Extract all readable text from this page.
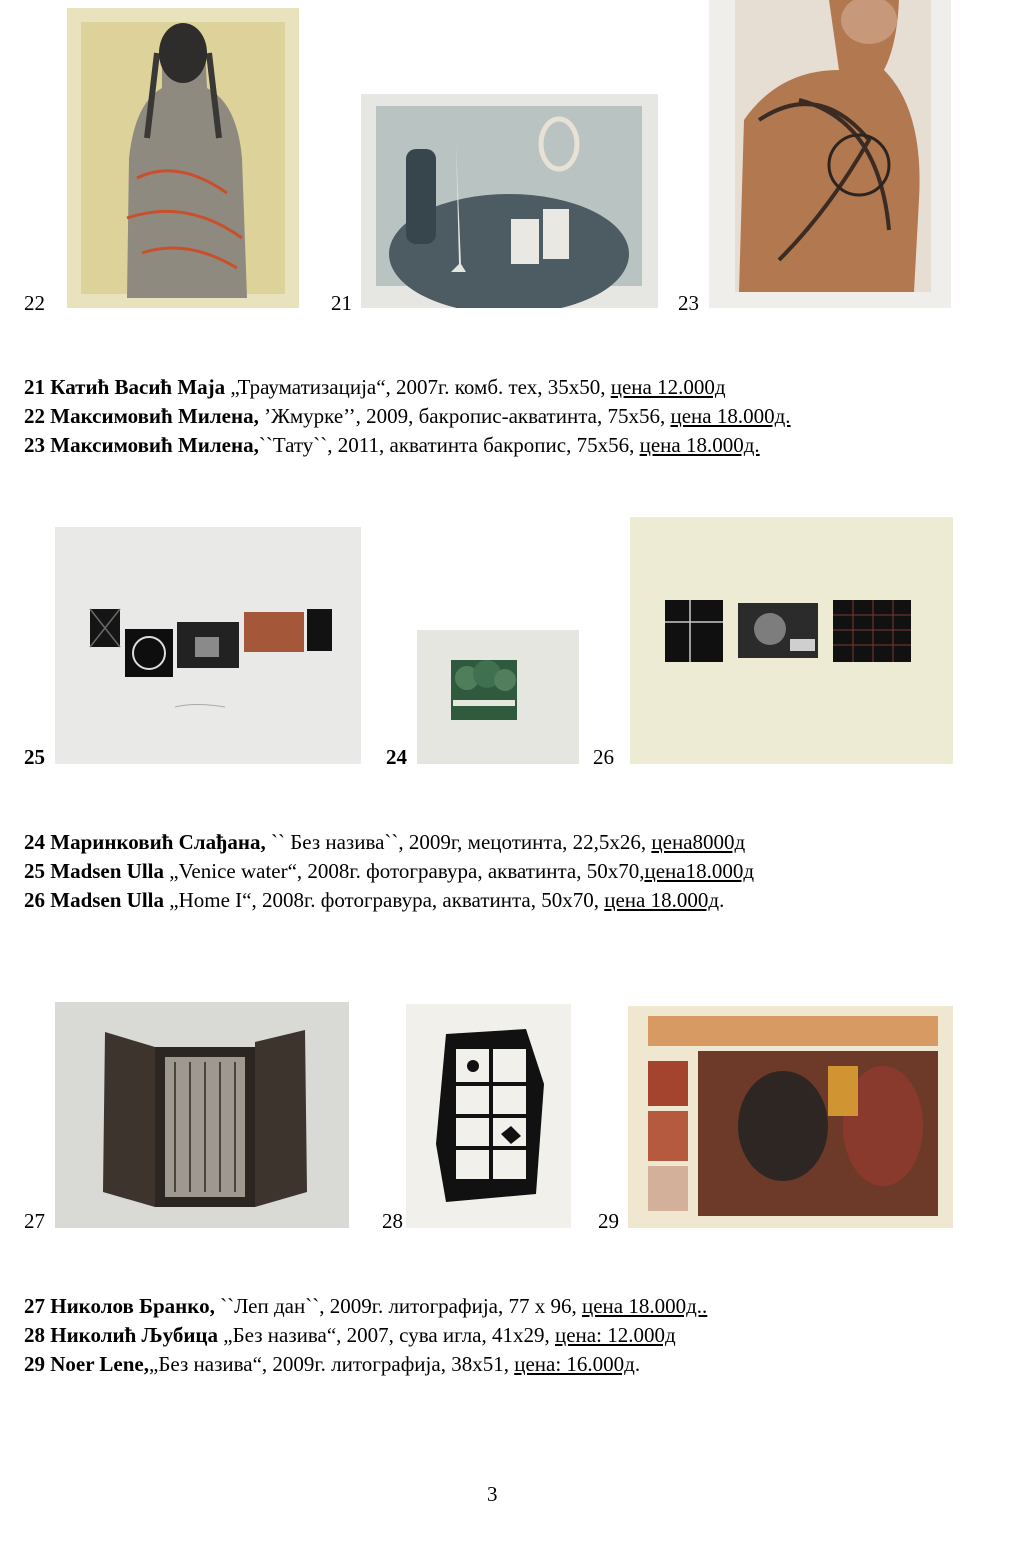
22	21	23
21 Катић Васић Маја „Трауматизација“, 2007г. комб. тех, 35x50, цена 12.000д
22 Максимовић Милена, ’Жмурке’’, 2009, бакропис-акватинта, 75x56, цена 18.000д.
23 Максимовић Милена,``Тату``, 2011, акватинта бакропис, 75x56, цена 18.000д.
25	24	26
24 Маринковић Слађана, `` Без назива``, 2009г, мецотинта, 22,5x26, цена8000д
25 Madsen Ulla „Venice water“, 2008г. фотогравура, акватинта, 50x70,цена18.000д
26 Madsen Ulla „Home I“, 2008г. фотогравура, акватинта, 50x70, цена 18.000д.
27	28	29
27 Николов Бранко, ``Леп дан``, 2009г. литографија, 77 x 96, цена 18.000д..
28 Николић Љубица „Без назива“, 2007, сува игла, 41x29, цена: 12.000д
29 Noer Lene,„Без назива“, 2009г. литографија, 38x51, цена: 16.000д.
3
